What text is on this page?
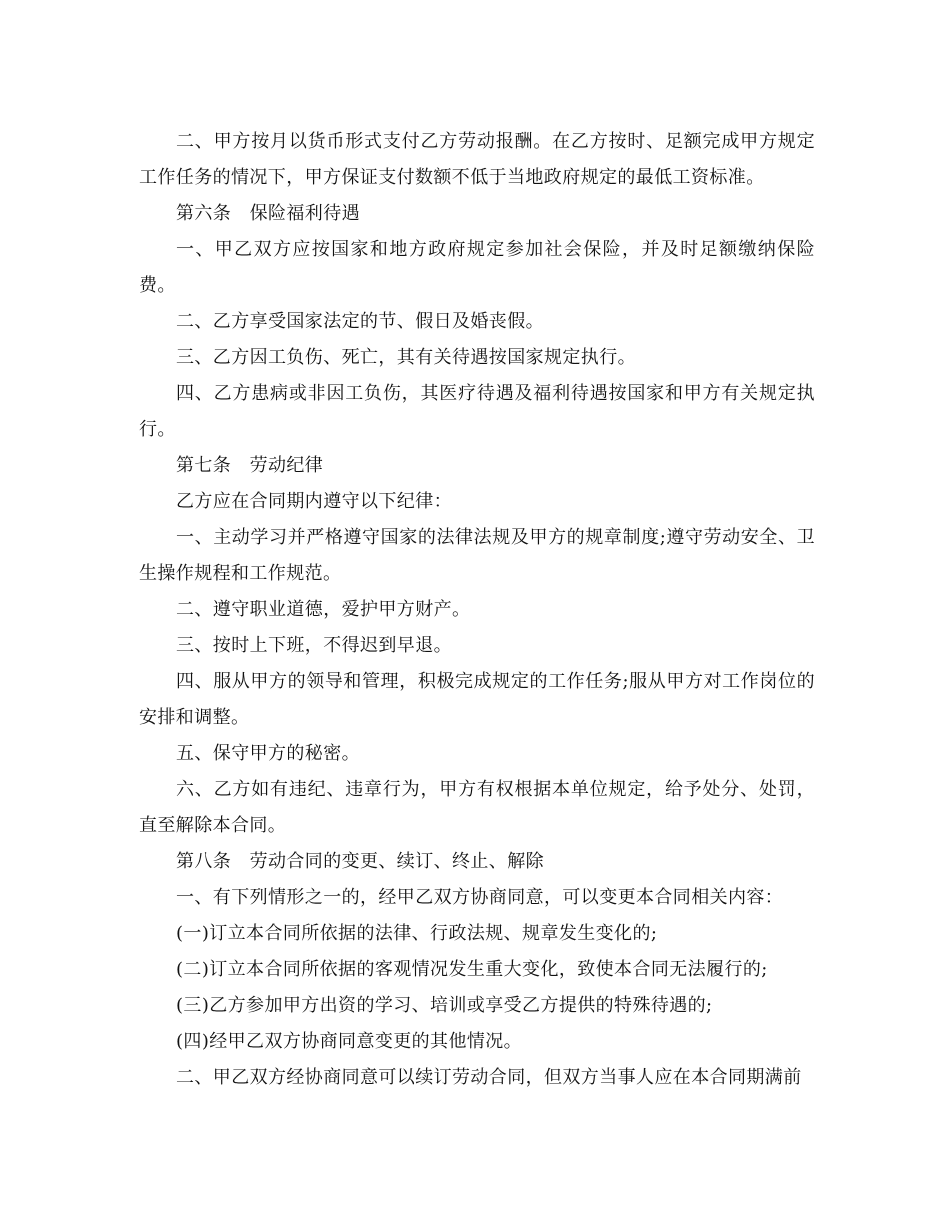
二、甲方按月以货币形式支付乙方劳动报酬。在乙方按时、足额完成甲方规定工作任务的情况下，甲方保证支付数额不低于当地政府规定的最低工资标准。

第六条　保险福利待遇

一、甲乙双方应按国家和地方政府规定参加社会保险，并及时足额缴纳保险费。

二、乙方享受国家法定的节、假日及婚丧假。

三、乙方因工负伤、死亡，其有关待遇按国家规定执行。

四、乙方患病或非因工负伤，其医疗待遇及福利待遇按国家和甲方有关规定执行。

第七条　劳动纪律

乙方应在合同期内遵守以下纪律：

一、主动学习并严格遵守国家的法律法规及甲方的规章制度;遵守劳动安全、卫生操作规程和工作规范。

二、遵守职业道德，爱护甲方财产。

三、按时上下班，不得迟到早退。

四、服从甲方的领导和管理，积极完成规定的工作任务;服从甲方对工作岗位的安排和调整。

五、保守甲方的秘密。

六、乙方如有违纪、违章行为，甲方有权根据本单位规定，给予处分、处罚，直至解除本合同。

第八条　劳动合同的变更、续订、终止、解除

一、有下列情形之一的，经甲乙双方协商同意，可以变更本合同相关内容：

(一)订立本合同所依据的法律、行政法规、规章发生变化的;

(二)订立本合同所依据的客观情况发生重大变化，致使本合同无法履行的;

(三)乙方参加甲方出资的学习、培训或享受乙方提供的特殊待遇的;

(四)经甲乙双方协商同意变更的其他情况。

二、甲乙双方经协商同意可以续订劳动合同，但双方当事人应在本合同期满前
